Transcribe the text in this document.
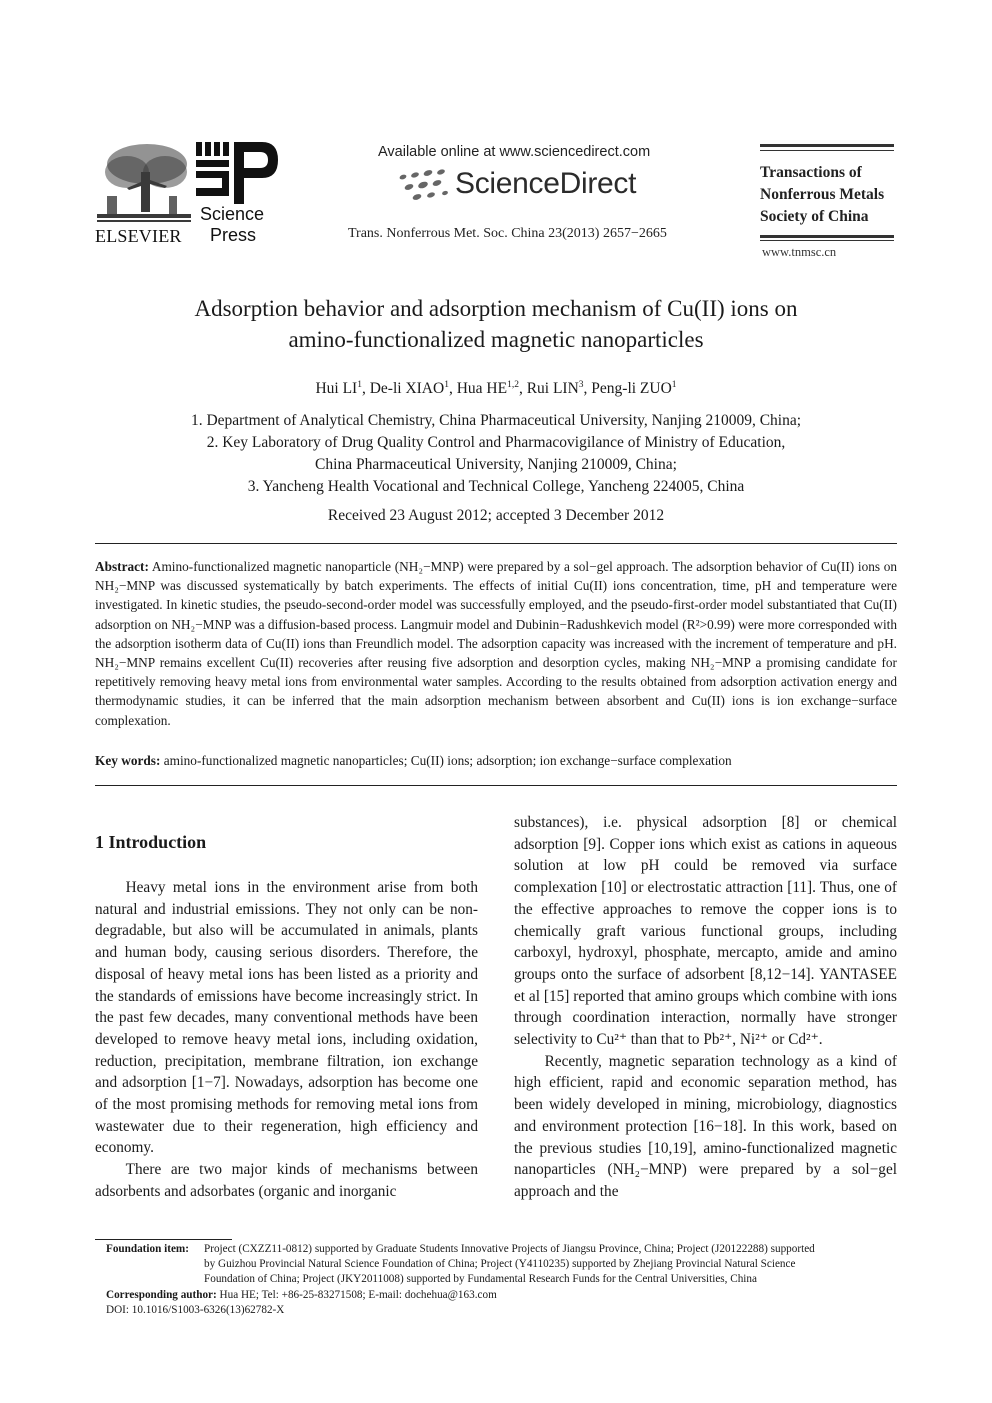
ELSEVIER
Science
Press
Available online at www.sciencedirect.com
ScienceDirect
Trans. Nonferrous Met. Soc. China 23(2013) 2657−2665
Transactions of
Nonferrous Metals
Society of China
www.tnmsc.cn
Adsorption behavior and adsorption mechanism of Cu(II) ions on
amino-functionalized magnetic nanoparticles
Hui $LI^1$, De-li XIAO$^1$, Hua HE$^{1,2}$, Rui LIN$^3$, Peng-li ZUO$^1$
1. Department of Analytical Chemistry, China Pharmaceutical University, Nanjing 210009, China;
2. Key Laboratory of Drug Quality Control and Pharmacovigilance of Ministry of Education,
China Pharmaceutical University, Nanjing 210009, China;
3. Yancheng Health Vocational and Technical College, Yancheng 224005, China
Received 23 August 2012; accepted 3 December 2012
Abstract: Amino-functionalized magnetic nanoparticle (NH₂−MNP) were prepared by a sol−gel approach. The adsorption behavior of Cu(II) ions on NH₂−MNP was discussed systematically by batch experiments. The effects of initial Cu(II) ions concentration, time, pH and temperature were investigated. In kinetic studies, the pseudo-second-order model was successfully employed, and the pseudo-first-order model substantiated that Cu(II) adsorption on NH₂−MNP was a diffusion-based process. Langmuir model and Dubinin−Radushkevich model (R²>0.99) were more corresponded with the adsorption isotherm data of Cu(II) ions than Freundlich model. The adsorption capacity was increased with the increment of temperature and pH. NH₂−MNP remains excellent Cu(II) recoveries after reusing five adsorption and desorption cycles, making NH₂−MNP a promising candidate for repetitively removing heavy metal ions from environmental water samples. According to the results obtained from adsorption activation energy and thermodynamic studies, it can be inferred that the main adsorption mechanism between absorbent and Cu(II) ions is ion exchange−surface complexation.
Key words: amino-functionalized magnetic nanoparticles; Cu(II) ions; adsorption; ion exchange−surface complexation
1 Introduction

Heavy metal ions in the environment arise from both natural and industrial emissions. They not only can be non-degradable, but also will be accumulated in animals, plants and human body, causing serious disorders. Therefore, the disposal of heavy metal ions has been listed as a priority and the standards of emissions have become increasingly strict. In the past few decades, many conventional methods have been developed to remove heavy metal ions, including oxidation, reduction, precipitation, membrane filtration, ion exchange and adsorption [1−7]. Nowadays, adsorption has become one of the most promising methods for removing metal ions from wastewater due to their regeneration, high efficiency and economy.

There are two major kinds of mechanisms between adsorbents and adsorbates (organic and inorganic

substances), i.e. physical adsorption [8] or chemical adsorption [9]. Copper ions which exist as cations in aqueous solution at low pH could be removed via surface complexation [10] or electrostatic attraction [11]. Thus, one of the effective approaches to remove the copper ions is to chemically graft various functional groups, including carboxyl, hydroxyl, phosphate, mercapto, amide and amino groups onto the surface of adsorbent [8,12−14]. YANTASEE et al [15] reported that amino groups which combine with ions through coordination interaction, normally have stronger selectivity to Cu²⁺ than that to Pb²⁺, Ni²⁺ or Cd²⁺.

Recently, magnetic separation technology as a kind of high efficient, rapid and economic separation method, has been widely developed in mining, microbiology, diagnostics and environment protection [16−18]. In this work, based on the previous studies [10,19], amino-functionalized magnetic nanoparticles (NH₂−MNP) were prepared by a sol−gel approach and the

Foundation item: Project (CXZZ11-0812) supported by Graduate Students Innovative Projects of Jiangsu Province, China; Project (J20122288) supported
by Guizhou Provincial Natural Science Foundation of China; Project (Y4110235) supported by Zhejiang Provincial Natural Science
Foundation of China; Project (JKY2011008) supported by Fundamental Research Funds for the Central Universities, China
Corresponding author: Hua HE; Tel: +86-25-83271508; E-mail: dochehua@163.com
DOI: 10.1016/S1003-6326(13)62782-X
